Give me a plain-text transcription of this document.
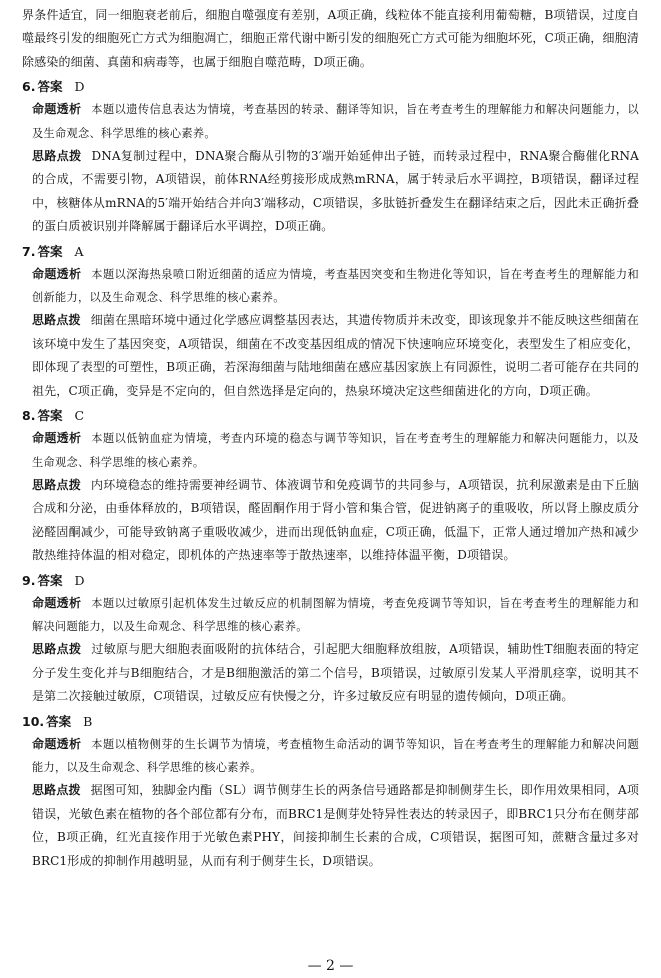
界条件适宜，同一细胞衰老前后，细胞自噬强度有差别，A项正确，线粒体不能直接利用葡萄糖，B项错误，过度自噬最终引发的细胞死亡方式为细胞凋亡，细胞正常代谢中断引发的细胞死亡方式可能为细胞坏死，C项正确，细胞清除感染的细菌、真菌和病毒等，也属于细胞自噬范畴，D项正确。

6. 答案 D

命题透析 本题以遗传信息表达为情境，考查基因的转录、翻译等知识，旨在考查考生的理解能力和解决问题能力，以及生命观念、科学思维的核心素养。

思路点拨 DNA复制过程中，DNA聚合酶从引物的3′端开始延伸出子链，而转录过程中，RNA聚合酶催化RNA的合成，不需要引物，A项错误，前体RNA经剪接形成成熟mRNA，属于转录后水平调控，B项错误，翻译过程中，核糖体从mRNA的5′端开始结合并向3′端移动，C项错误，多肽链折叠发生在翻译结束之后，因此未正确折叠的蛋白质被识别并降解属于翻译后水平调控，D项正确。

7. 答案 A

命题透析 本题以深海热泉喷口附近细菌的适应为情境，考查基因突变和生物进化等知识，旨在考查考生的理解能力和创新能力，以及生命观念、科学思维的核心素养。

思路点拨 细菌在黑暗环境中通过化学感应调整基因表达，其遗传物质并未改变，即该现象并不能反映这些细菌在该环境中发生了基因突变，A项错误，细菌在不改变基因组成的情况下快速响应环境变化，表型发生了相应变化，即体现了表型的可塑性，B项正确，若深海细菌与陆地细菌在感应基因家族上有同源性，说明二者可能存在共同的祖先，C项正确，变异是不定向的，但自然选择是定向的，热泉环境决定这些细菌进化的方向，D项正确。

8. 答案 C

命题透析 本题以低钠血症为情境，考查内环境的稳态与调节等知识，旨在考查考生的理解能力和解决问题能力，以及生命观念、科学思维的核心素养。

思路点拨 内环境稳态的维持需要神经调节、体液调节和免疫调节的共同参与，A项错误，抗利尿激素是由下丘脑合成和分泌，由垂体释放的，B项错误，醛固酮作用于肾小管和集合管，促进钠离子的重吸收，所以肾上腺皮质分泌醛固酮减少，可能导致钠离子重吸收减少，进而出现低钠血症，C项正确，低温下，正常人通过增加产热和减少散热维持体温的相对稳定，即机体的产热速率等于散热速率，以维持体温平衡，D项错误。

9. 答案 D

命题透析 本题以过敏原引起机体发生过敏反应的机制图解为情境，考查免疫调节等知识，旨在考查考生的理解能力和解决问题能力，以及生命观念、科学思维的核心素养。

思路点拨 过敏原与肥大细胞表面吸附的抗体结合，引起肥大细胞释放组胺，A项错误，辅助性T细胞表面的特定分子发生变化并与B细胞结合，才是B细胞激活的第二个信号，B项错误，过敏原引发某人平滑肌痉挛，说明其不是第二次接触过敏原，C项错误，过敏反应有快慢之分，许多过敏反应有明显的遗传倾向，D项正确。

10. 答案 B

命题透析 本题以植物侧芽的生长调节为情境，考查植物生命活动的调节等知识，旨在考查考生的理解能力和解决问题能力，以及生命观念、科学思维的核心素养。

思路点拨 据图可知，独脚金内酯（SL）调节侧芽生长的两条信号通路都是抑制侧芽生长，即作用效果相同，A项错误，光敏色素在植物的各个部位都有分布，而BRC1是侧芽处特异性表达的转录因子，即BRC1只分布在侧芽部位，B项正确，红光直接作用于光敏色素PHY，间接抑制生长素的合成，C项错误，据图可知，蔗糖含量过多对BRC1形成的抑制作用越明显，从而有利于侧芽生长，D项错误。

— 2 —
